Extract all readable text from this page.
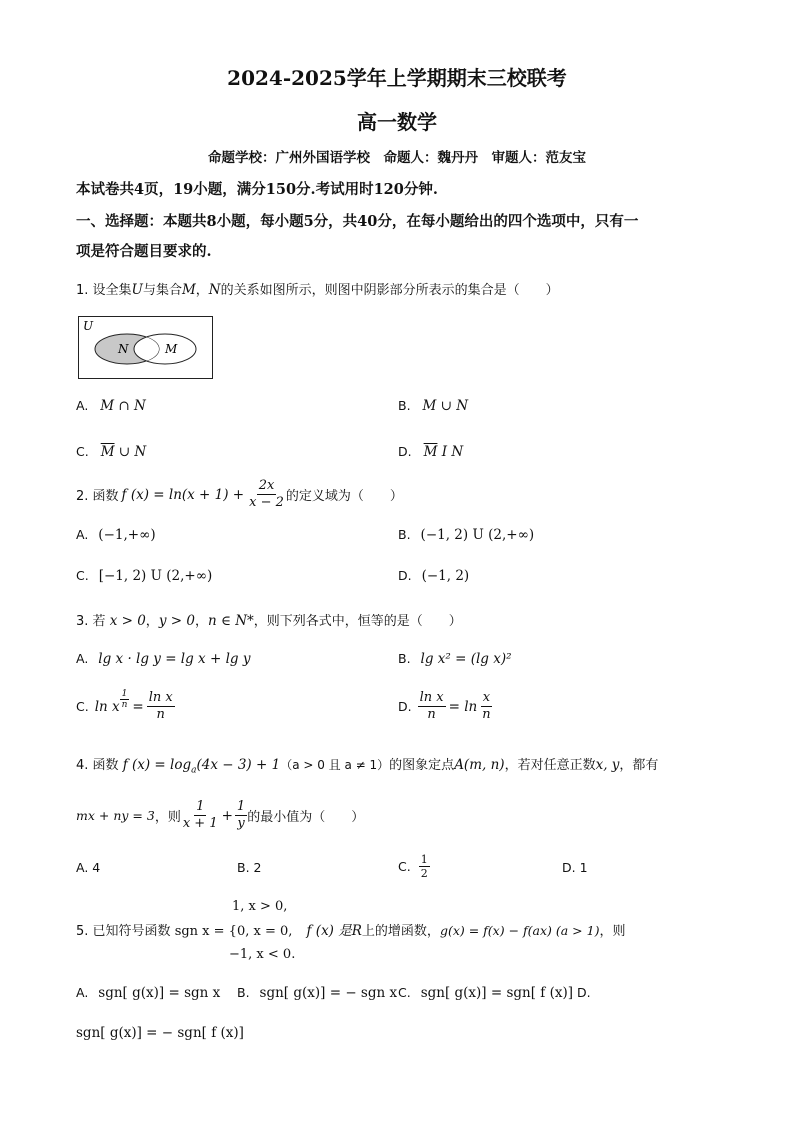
2024-2025学年上学期期末三校联考
高一数学
命题学校：广州外国语学校　命题人：魏丹丹　审题人：范友宝
本试卷共4页，19小题，满分150分.考试用时120分钟.
一、选择题：本题共8小题，每小题5分，共40分，在每小题给出的四个选项中，只有一
项是符合题目要求的.
1. 设全集U与集合M，N的关系如图所示，则图中阴影部分所表示的集合是（　　）
U
N	M
A. M ∩ N	B. M ∪ N
C. $\overline{M}$ ∪ N	D. $\overline{M}$ I N
2. 函数 f $(x) = \ln(x + 1) + \frac{2x}{x - 2}$ 的定义域为（　　）
A. (−1,+∞)	B. (−1, 2) U (2,+∞)
C. [−1, 2) U (2,+∞)	D. (−1, 2)
3. 若 x > 0，y > 0，n ∈ N*，则下列各式中，恒等的是（　　）
A. lg x · lg y = lg x + lg y	B. lg x² = (lg x)²
C. ln x $\frac{1}{n} = \frac{\text{ln x}}{n}$	D. $\frac{\text{ln x}}{n} = \ln \frac{x}{n}$
4. 函数 f $(x) = \log_a(4x - 3) + 1(a > 0$ 且 a ≠ 1）的图象定点A(m, n)，若对任意正数x, y，都有
mx + ny = 3 ，则 $\frac{1}{x + 1} + \frac{1}{y}$ 的最小值为（　　）
A. 4	B. 2	C. $\frac{1}{2}$	D. 1
1, x > 0,
5. 已知符号函数 sgn x = {0, x = 0, f (x) 是R上的增函数，g(x) = f(x) − f(ax) (a > 1)，则
−1, x < 0.
A. sgn[ g(x)] = sgn x B. sgn[ g(x)] = − sgn x C. sgn[ g(x)] = sgn[ f (x)] D.
sgn[ g(x)] = − sgn[ f (x)]
